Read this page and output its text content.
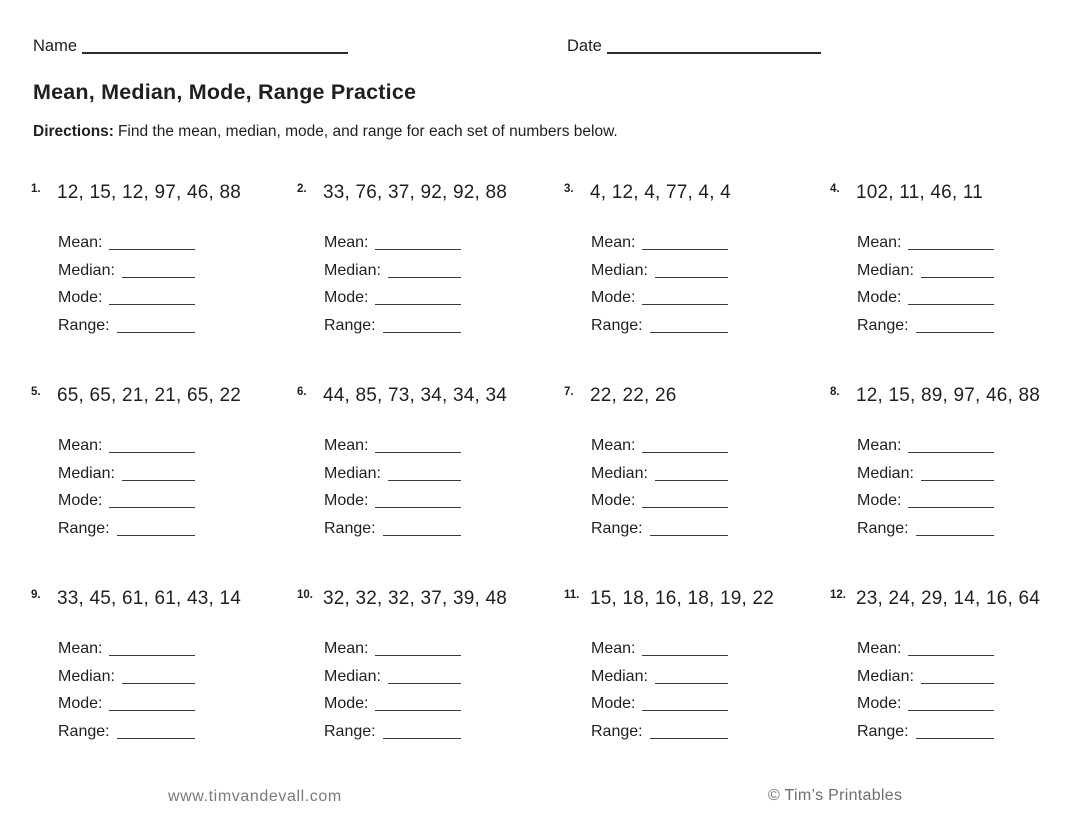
Name	Date
Mean, Median, Mode, Range Practice

Directions: Find the mean, median, mode, and range for each set of numbers below.

1. 12, 15, 12, 97, 46, 88
Mean:
Median:
Mode:
Range:
2. 33, 76, 37, 92, 92, 88
Mean:
Median:
Mode:
Range:
3. 4, 12, 4, 77, 4, 4
Mean:
Median:
Mode:
Range:
4. 102, 11, 46, 11
Mean:
Median:
Mode:
Range:
5. 65, 65, 21, 21, 65, 22
Mean:
Median:
Mode:
Range:
6. 44, 85, 73, 34, 34, 34
Mean:
Median:
Mode:
Range:
7. 22, 22, 26
Mean:
Median:
Mode:
Range:
8. 12, 15, 89, 97, 46, 88
Mean:
Median:
Mode:
Range:
9. 33, 45, 61, 61, 43, 14
Mean:
Median:
Mode:
Range:
10. 32, 32, 32, 37, 39, 48
Mean:
Median:
Mode:
Range:
11. 15, 18, 16, 18, 19, 22
Mean:
Median:
Mode:
Range:
12. 23, 24, 29, 14, 16, 64
Mean:
Median:
Mode:
Range:
www.timvandevall.com	© Tim’s Printables
